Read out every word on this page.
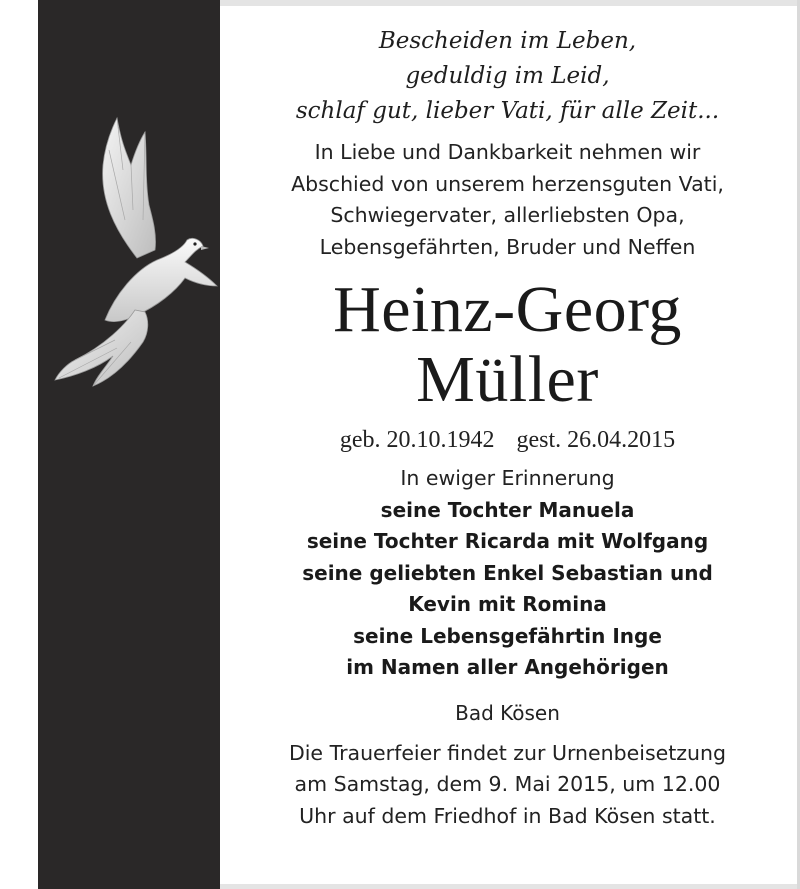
Bescheiden im Leben,
geduldig im Leid,
schlaf gut, lieber Vati, für alle Zeit...
In Liebe und Dankbarkeit nehmen wir
Abschied von unserem herzensguten Vati,
Schwiegervater, allerliebsten Opa,
Lebensgefährten, Bruder und Neffen
Heinz-Georg
Müller
geb. 20.10.1942 gest. 26.04.2015
In ewiger Erinnerung
seine Tochter Manuela
seine Tochter Ricarda mit Wolfgang
seine geliebten Enkel Sebastian und
Kevin mit Romina
seine Lebensgefährtin Inge
im Namen aller Angehörigen
Bad Kösen
Die Trauerfeier findet zur Urnenbeisetzung
am Samstag, dem 9. Mai 2015, um 12.00
Uhr auf dem Friedhof in Bad Kösen statt.
